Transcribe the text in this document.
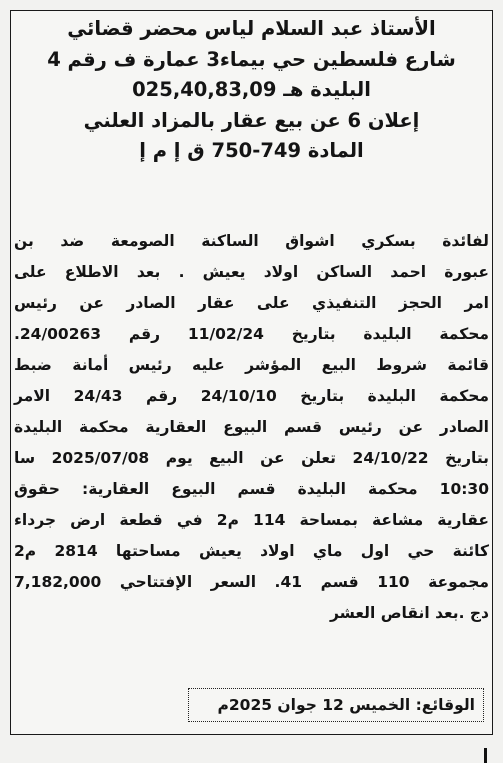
الأستاذ عبد السلام لياس محضر قضائي
شارع فلسطين حي بيماء3 عمارة ف رقم 4
البليدة هـ 025,40,83,09
إعلان 6 عن بيع عقار بالمزاد العلني
المادة 749-750 ق إ م إ
لفائدة بسكري اشواق الساكنة الصومعة ضد بن
عبورة احمد الساكن اولاد يعيش . بعد الاطلاع على
امر الحجز التنفيذي على عقار الصادر عن رئيس
محكمة البليدة بتاريخ 11/02/24 رقم 24/00263.
قائمة شروط البيع المؤشر عليه رئيس أمانة ضبط
محكمة البليدة بتاريخ 24/10/10 رقم 24/43 الامر
الصادر عن رئيس قسم البيوع العقارية محكمة البليدة
بتاريخ 24/10/22 تعلن عن البيع يوم 2025/07/08 سا
10:30 محكمة البليدة قسم البيوع العقارية: حقوق
عقارية مشاعة بمساحة 114 م2 في قطعة ارض جرداء
كائنة حي اول ماي اولاد يعيش مساحتها 2814 م2
مجموعة 110 قسم 41. السعر الإفتتاحي 7,182,000
دج .بعد انقاص العشر
الوقائع: الخميس 12 جوان 2025م
